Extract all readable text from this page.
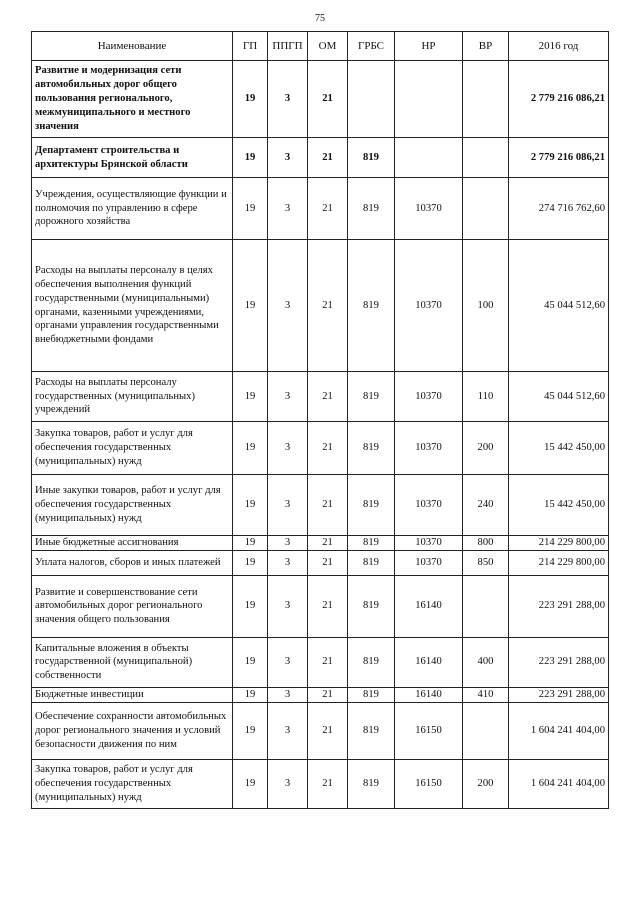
75
Наименование	ГП	ППГП	ОМ	ГРБС	НР	ВР	2016 год
Развитие и модернизация сети автомобильных дорог общего пользования регионального, межмуниципального и местного значения	19	3	21				2 779 216 086,21
Департамент строительства и архитектуры Брянской области	19	3	21	819			2 779 216 086,21
Учреждения, осуществляющие функции и полномочия по управлению в сфере дорожного хозяйства	19	3	21	819	10370		274 716 762,60
Расходы на выплаты персоналу в целях обеспечения выполнения функций государственными (муниципальными) органами, казенными учреждениями, органами управления государственными внебюджетными фондами	19	3	21	819	10370	100	45 044 512,60
Расходы на выплаты персоналу государственных (муниципальных) учреждений	19	3	21	819	10370	110	45 044 512,60
Закупка товаров, работ и услуг для обеспечения государственных (муниципальных) нужд	19	3	21	819	10370	200	15 442 450,00
Иные закупки товаров, работ и услуг для обеспечения государственных (муниципальных) нужд	19	3	21	819	10370	240	15 442 450,00
Иные бюджетные ассигнования	19	3	21	819	10370	800	214 229 800,00
Уплата налогов, сборов и иных платежей	19	3	21	819	10370	850	214 229 800,00
Развитие и совершенствование сети автомобильных дорог регионального значения общего пользования	19	3	21	819	16140		223 291 288,00
Капитальные вложения в объекты государственной (муниципальной) собственности	19	3	21	819	16140	400	223 291 288,00
Бюджетные инвестиции	19	3	21	819	16140	410	223 291 288,00
Обеспечение сохранности автомобильных дорог регионального значения и условий безопасности движения по ним	19	3	21	819	16150		1 604 241 404,00
Закупка товаров, работ и услуг для обеспечения государственных (муниципальных) нужд	19	3	21	819	16150	200	1 604 241 404,00
